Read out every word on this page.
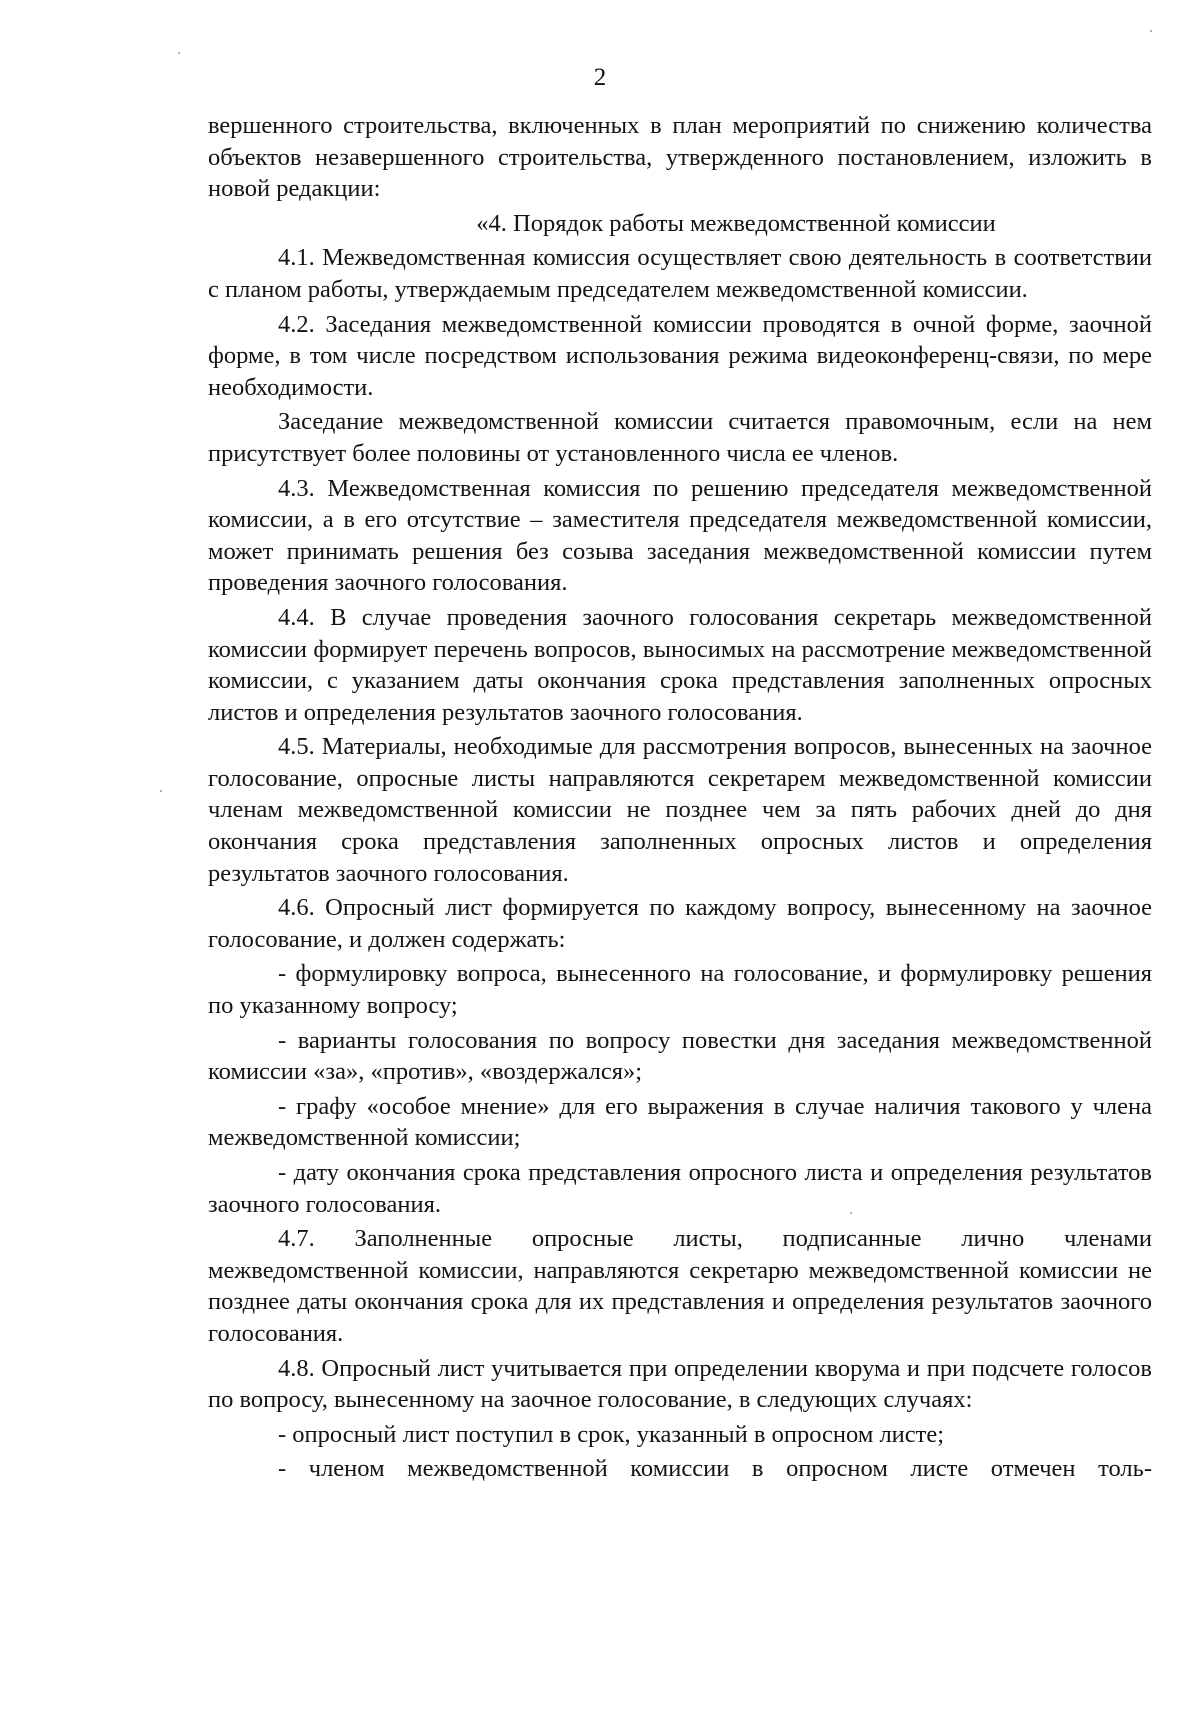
2

вершенного строительства, включенных в план мероприятий по снижению количества объектов незавершенного строительства, утвержденного постановлением, изложить в новой редакции:

«4. Порядок работы межведомственной комиссии

4.1. Межведомственная комиссия осуществляет свою деятельность в соответствии с планом работы, утверждаемым председателем межведомственной комиссии.

4.2. Заседания межведомственной комиссии проводятся в очной форме, заочной форме, в том числе посредством использования режима видеоконференц-связи, по мере необходимости.

Заседание межведомственной комиссии считается правомочным, если на нем присутствует более половины от установленного числа ее членов.

4.3. Межведомственная комиссия по решению председателя межведомственной комиссии, а в его отсутствие – заместителя председателя межведомственной комиссии, может принимать решения без созыва заседания межведомственной комиссии путем проведения заочного голосования.

4.4. В случае проведения заочного голосования секретарь межведомственной комиссии формирует перечень вопросов, выносимых на рассмотрение межведомственной комиссии, с указанием даты окончания срока представления заполненных опросных листов и определения результатов заочного голосования.

4.5. Материалы, необходимые для рассмотрения вопросов, вынесенных на заочное голосование, опросные листы направляются секретарем межведомственной комиссии членам межведомственной комиссии не позднее чем за пять рабочих дней до дня окончания срока представления заполненных опросных листов и определения результатов заочного голосования.

4.6. Опросный лист формируется по каждому вопросу, вынесенному на заочное голосование, и должен содержать:

- формулировку вопроса, вынесенного на голосование, и формулировку решения по указанному вопросу;

- варианты голосования по вопросу повестки дня заседания межведомственной комиссии «за», «против», «воздержался»;

- графу «особое мнение» для его выражения в случае наличия такового у члена межведомственной комиссии;

- дату окончания срока представления опросного листа и определения результатов заочного голосования.

4.7. Заполненные опросные листы, подписанные лично членами межведомственной комиссии, направляются секретарю межведомственной комиссии не позднее даты окончания срока для их представления и определения результатов заочного голосования.

4.8. Опросный лист учитывается при определении кворума и при подсчете голосов по вопросу, вынесенному на заочное голосование, в следующих случаях:

- опросный лист поступил в срок, указанный в опросном листе;

- членом межведомственной комиссии в опросном листе отмечен толь-
